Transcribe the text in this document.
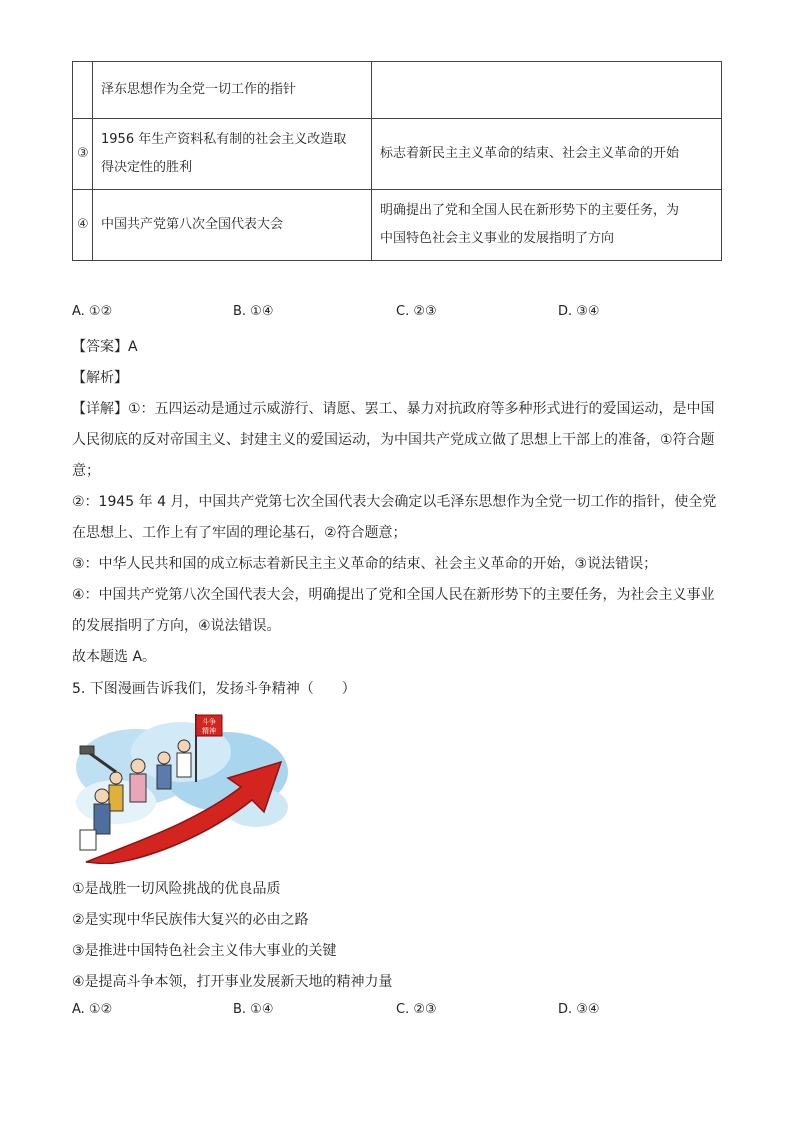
	泽东思想作为全党一切工作的指针	
③	1956 年生产资料私有制的社会主义改造取
得决定性的胜利	标志着新民主主义革命的结束、社会主义革命的开始
④	中国共产党第八次全国代表大会	明确提出了党和全国人民在新形势下的主要任务，为
中国特色社会主义事业的发展指明了方向
A. ①②	B. ①④	C. ②③	D. ③④
【答案】A
【解析】
【详解】①：五四运动是通过示威游行、请愿、罢工、暴力对抗政府等多种形式进行的爱国运动，是中国
人民彻底的反对帝国主义、封建主义的爱国运动，为中国共产党成立做了思想上干部上的准备，①符合题
意；
②：1945 年 4 月，中国共产党第七次全国代表大会确定以毛泽东思想作为全党一切工作的指针，使全党
在思想上、工作上有了牢固的理论基石，②符合题意；
③：中华人民共和国的成立标志着新民主主义革命的结束、社会主义革命的开始，③说法错误；
④：中国共产党第八次全国代表大会，明确提出了党和全国人民在新形势下的主要任务，为社会主义事业
的发展指明了方向，④说法错误。
故本题选 A。
5. 下图漫画告诉我们，发扬斗争精神（　　）
斗争
精神
①是战胜一切风险挑战的优良品质
②是实现中华民族伟大复兴的必由之路
③是推进中国特色社会主义伟大事业的关键
④是提高斗争本领，打开事业发展新天地的精神力量
A. ①②	B. ①④	C. ②③	D. ③④
